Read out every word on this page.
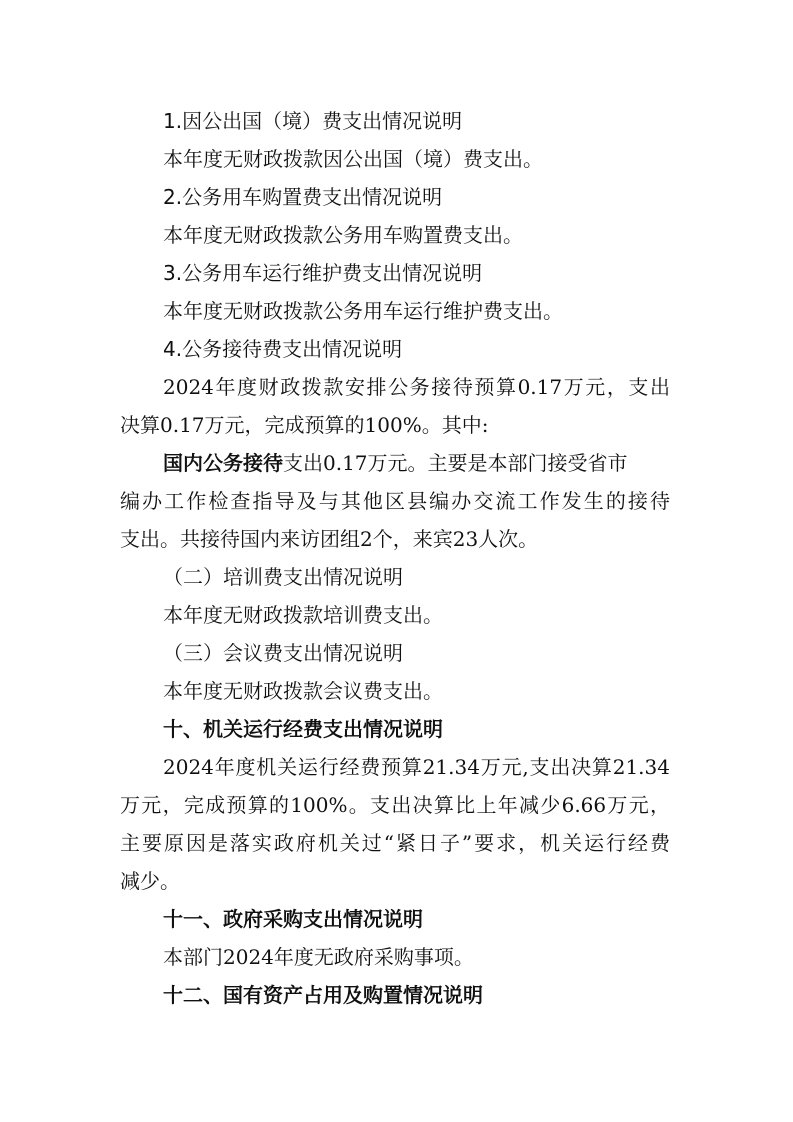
1.因公出国（境）费支出情况说明
本年度无财政拨款因公出国（境）费支出。
2.公务用车购置费支出情况说明
本年度无财政拨款公务用车购置费支出。
3.公务用车运行维护费支出情况说明
本年度无财政拨款公务用车运行维护费支出。
4.公务接待费支出情况说明
2024年度财政拨款安排公务接待预算0.17万元，支出
决算0.17万元，完成预算的100%。其中:
国内公务接待支出0.17万元。主要是本部门接受省市
编办工作检查指导及与其他区县编办交流工作发生的接待
支出。共接待国内来访团组2个，来宾23人次。
（二）培训费支出情况说明
本年度无财政拨款培训费支出。
（三）会议费支出情况说明
本年度无财政拨款会议费支出。
十、机关运行经费支出情况说明
2024年度机关运行经费预算21.34万元,支出决算21.34
万元，完成预算的100%。支出决算比上年减少6.66万元，
主要原因是落实政府机关过“紧日子”要求，机关运行经费
减少。
十一、政府采购支出情况说明
本部门2024年度无政府采购事项。
十二、国有资产占用及购置情况说明
